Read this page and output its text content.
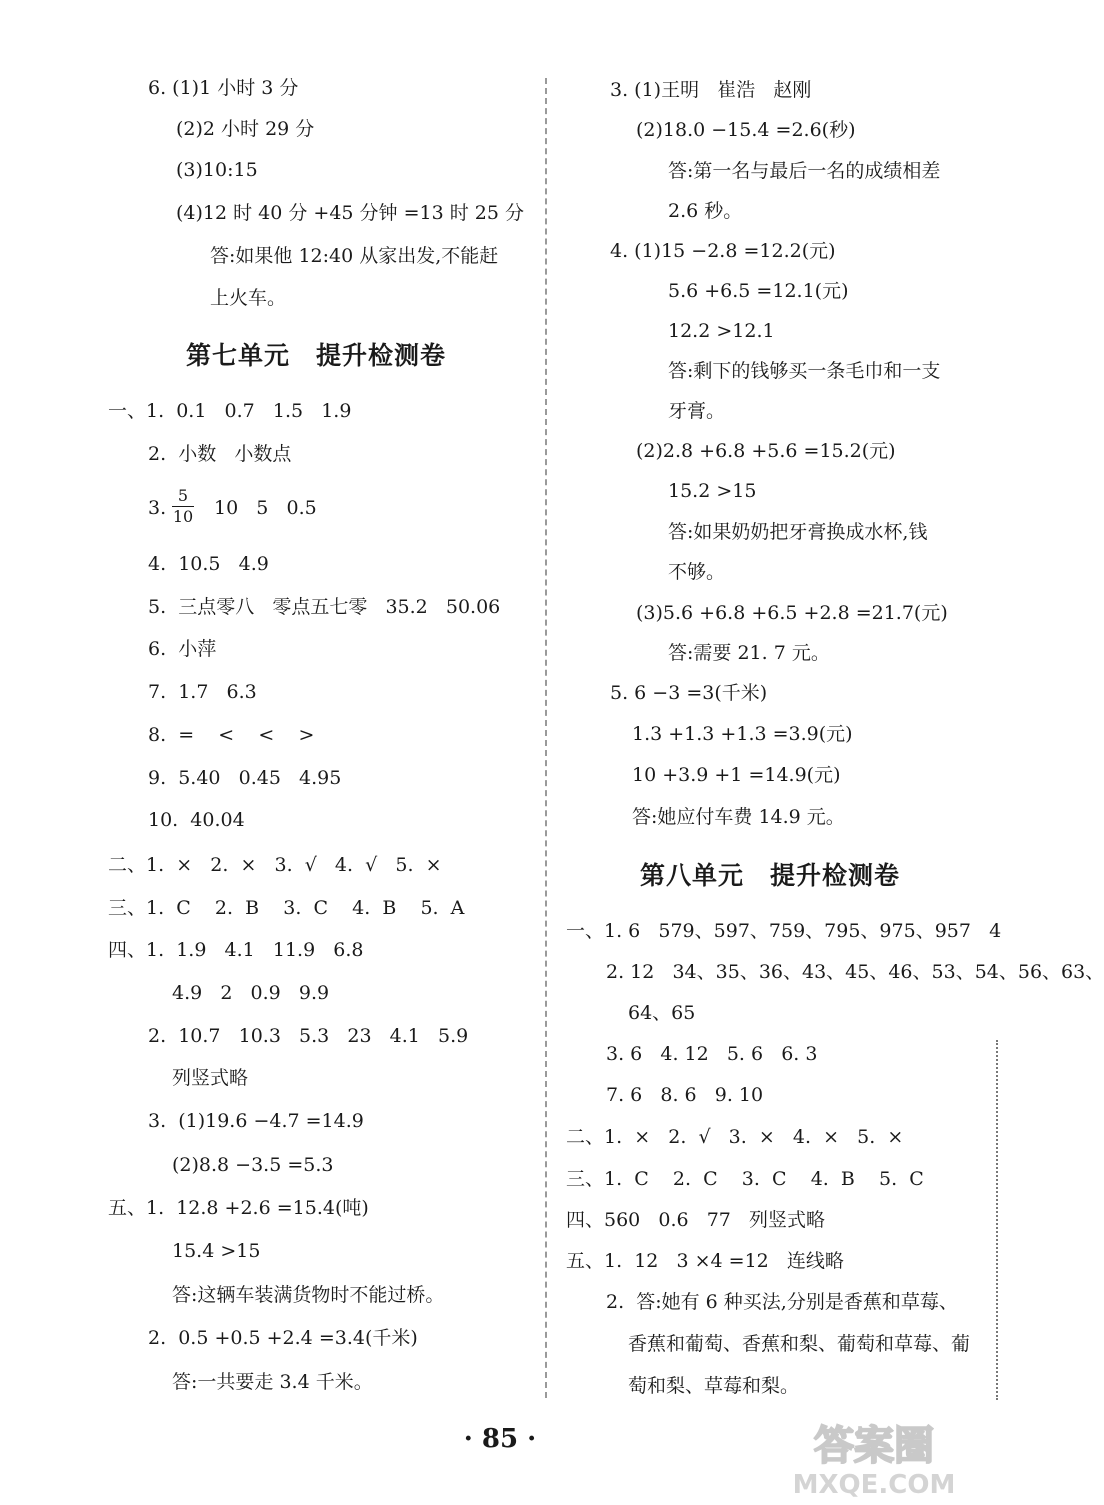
6. (1)1 小时 3 分
(2)2 小时 29 分
(3)10:15
(4)12 时 40 分 +45 分钟 =13 时 25 分
答:如果他 12:40 从家出发,不能赶
上火车。
第七单元　提升检测卷
一、1.  0.1   0.7   1.5   1.9
2.  小数   小数点
3.
5
10 10   5   0.5
4.  10.5   4.9
5.  三点零八   零点五七零   35.2   50.06
6.  小萍
7.  1.7   6.3
8.  =    <    <    >
9.  5.40   0.45   4.95
10.  40.04
二、1.  ×   2.  ×   3.  √   4.  √   5.  ×
三、1.  C    2.  B    3.  C    4.  B    5.  A
四、1.  1.9   4.1   11.9   6.8
4.9   2   0.9   9.9
2.  10.7   10.3   5.3   23   4.1   5.9
列竖式略
3.  (1)19.6 −4.7 =14.9
(2)8.8 −3.5 =5.3
五、1.  12.8 +2.6 =15.4(吨)
15.4 >15
答:这辆车装满货物时不能过桥。
2.  0.5 +0.5 +2.4 =3.4(千米)
答:一共要走 3.4 千米。
3. (1)王明   崔浩   赵刚
(2)18.0 −15.4 =2.6(秒)
答:第一名与最后一名的成绩相差
2.6 秒。
4. (1)15 −2.8 =12.2(元)
5.6 +6.5 =12.1(元)
12.2 >12.1
答:剩下的钱够买一条毛巾和一支
牙膏。
(2)2.8 +6.8 +5.6 =15.2(元)
15.2 >15
答:如果奶奶把牙膏换成水杯,钱
不够。
(3)5.6 +6.8 +6.5 +2.8 =21.7(元)
答:需要 21. 7 元。
5. 6 −3 =3(千米)
1.3 +1.3 +1.3 =3.9(元)
10 +3.9 +1 =14.9(元)
答:她应付车费 14.9 元。
第八单元　提升检测卷
一、1. 6   579、597、759、795、975、957   4
2. 12   34、35、36、43、45、46、53、54、56、63、
64、65
3. 6   4. 12   5. 6   6. 3
7. 6   8. 6   9. 10
二、1.  ×   2.  √   3.  ×   4.  ×   5.  ×
三、1.  C    2.  C    3.  C    4.  B    5.  C
四、560   0.6   77   列竖式略
五、1.  12   3 ×4 =12   连线略
2.  答:她有 6 种买法,分别是香蕉和草莓、
香蕉和葡萄、香蕉和梨、葡萄和草莓、葡
萄和梨、草莓和梨。
· 85 ·	答案圈
MXQE.COM
